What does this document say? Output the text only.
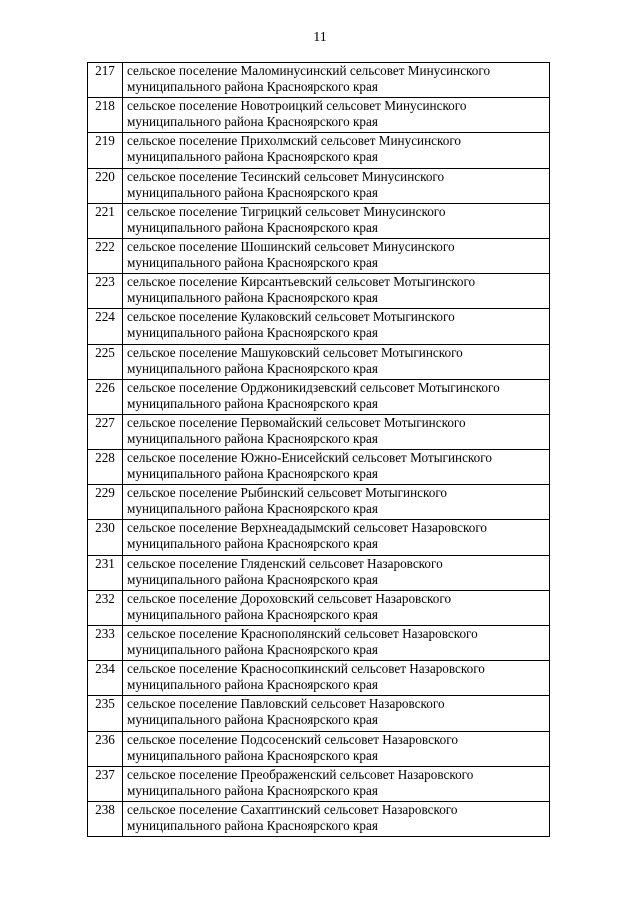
11
217	сельское поселение Маломинусинский сельсовет Минусинского
муниципального района Красноярского края

218	сельское поселение Новотроицкий сельсовет Минусинского
муниципального района Красноярского края

219	сельское поселение Прихолмский сельсовет Минусинского
муниципального района Красноярского края

220	сельское поселение Тесинский сельсовет Минусинского
муниципального района Красноярского края

221	сельское поселение Тигрицкий сельсовет Минусинского
муниципального района Красноярского края

222	сельское поселение Шошинский сельсовет Минусинского
муниципального района Красноярского края

223	сельское поселение Кирсантьевский сельсовет Мотыгинского
муниципального района Красноярского края

224	сельское поселение Кулаковский сельсовет Мотыгинского
муниципального района Красноярского края

225	сельское поселение Машуковский сельсовет Мотыгинского
муниципального района Красноярского края

226	сельское поселение Орджоникидзевский сельсовет Мотыгинского
муниципального района Красноярского края

227	сельское поселение Первомайский сельсовет Мотыгинского
муниципального района Красноярского края

228	сельское поселение Южно-Енисейский сельсовет Мотыгинского
муниципального района Красноярского края

229	сельское поселение Рыбинский сельсовет Мотыгинского
муниципального района Красноярского края

230	сельское поселение Верхнеададымский сельсовет Назаровского
муниципального района Красноярского края

231	сельское поселение Гляденский сельсовет Назаровского
муниципального района Красноярского края

232	сельское поселение Дороховский сельсовет Назаровского
муниципального района Красноярского края

233	сельское поселение Краснополянский сельсовет Назаровского
муниципального района Красноярского края

234	сельское поселение Красносопкинский сельсовет Назаровского
муниципального района Красноярского края

235	сельское поселение Павловский сельсовет Назаровского
муниципального района Красноярского края

236	сельское поселение Подсосенский сельсовет Назаровского
муниципального района Красноярского края

237	сельское поселение Преображенский сельсовет Назаровского
муниципального района Красноярского края

238	сельское поселение Сахаптинский сельсовет Назаровского
муниципального района Красноярского края
